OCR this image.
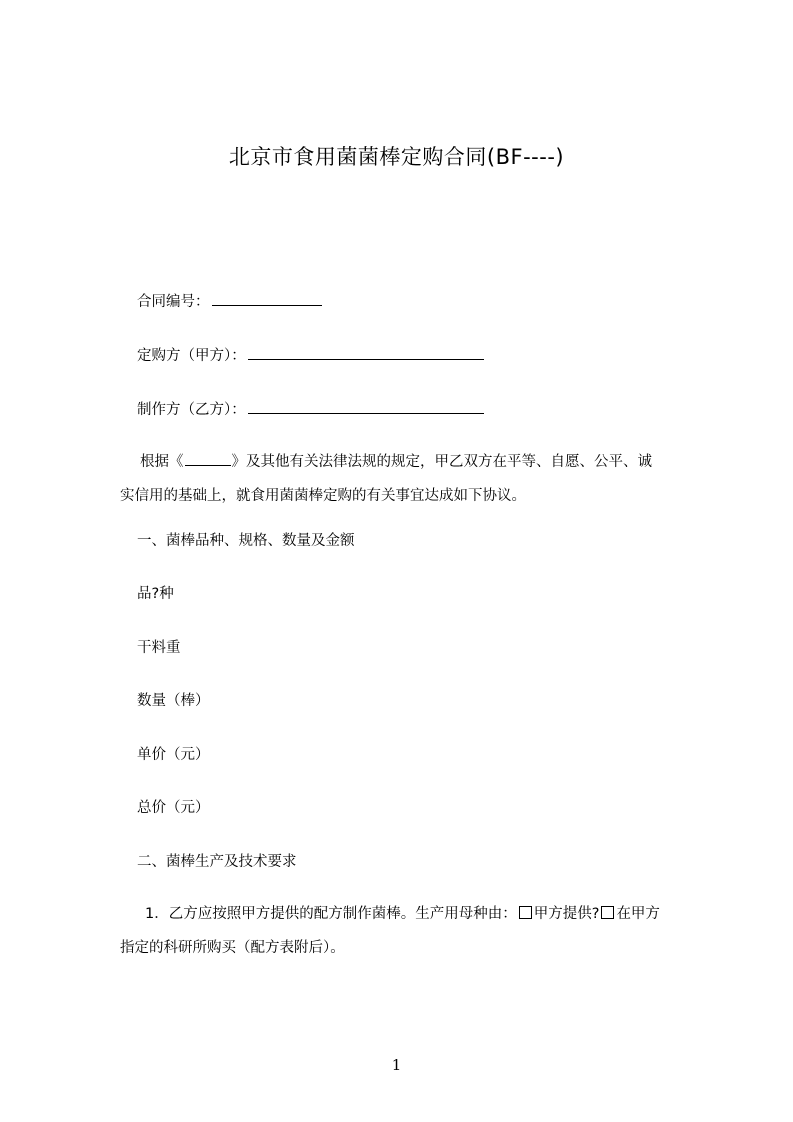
北京市食用菌菌棒定购合同(BF----)
合同编号：
定购方（甲方）：
制作方（乙方）：
根据《	》及其他有关法律法规的规定，甲乙双方在平等、自愿、公平、诚
实信用的基础上，就食用菌菌棒定购的有关事宜达成如下协议。
一、菌棒品种、规格、数量及金额
品?种
干料重
数量（棒）
单价（元）
总价（元）
二、菌棒生产及技术要求
1．乙方应按照甲方提供的配方制作菌棒。生产用母种由： 甲方提供? 在甲方
指定的科研所购买（配方表附后）。
1
